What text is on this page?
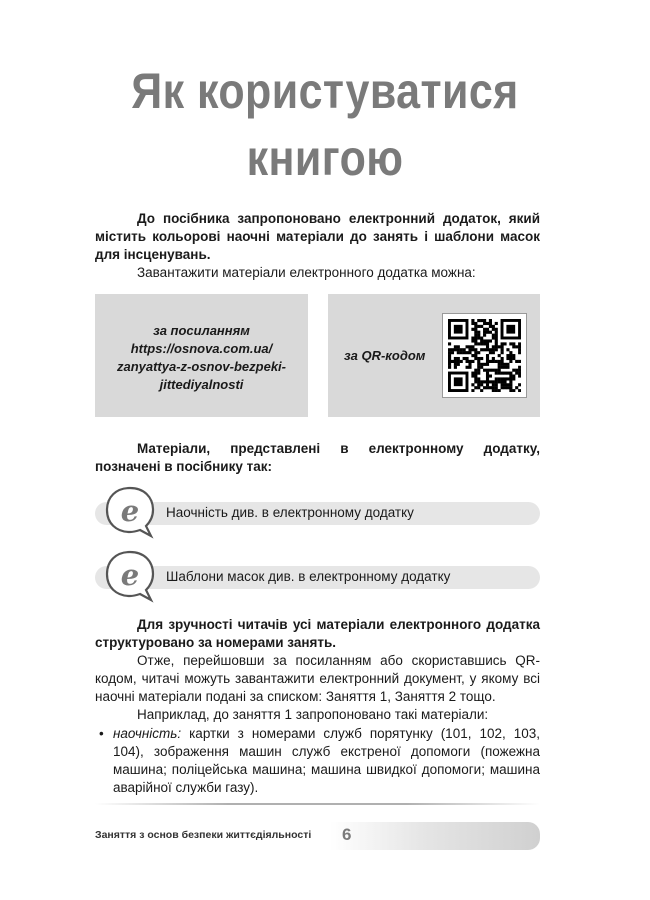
Як користуватися
книгою
До посібника запропоновано електронний додаток, який містить кольорові наочні матеріали до занять і шаблони масок для інсценувань.
Завантажити матеріали електронного додатка можна:
за посиланням
https://osnova.com.ua/
zanyattya-z-osnov-bezpeki-
jittediyalnosti
за QR-кодом
Матеріали, представлені в електронному додатку, позначені в посібнику так:
Наочність див. в електронному додатку
e
Шаблони масок див. в електронному додатку
e
Для зручності читачів усі матеріали електронного додатка структуровано за номерами занять.
Отже, перейшовши за посиланням або скориставшись QR-кодом, читачі можуть завантажити електронний документ, у якому всі наочні матеріали подані за списком: Заняття 1, Заняття 2 тощо.
Наприклад, до заняття 1 запропоновано такі матеріали:
• наочність: картки з номерами служб порятунку (101, 102, 103, 104), зображення машин служб екстреної допомоги (пожежна машина; поліцейська машина; машина швидкої допомоги; машина аварійної служби газу).
Заняття з основ безпеки життєдіяльності 6
